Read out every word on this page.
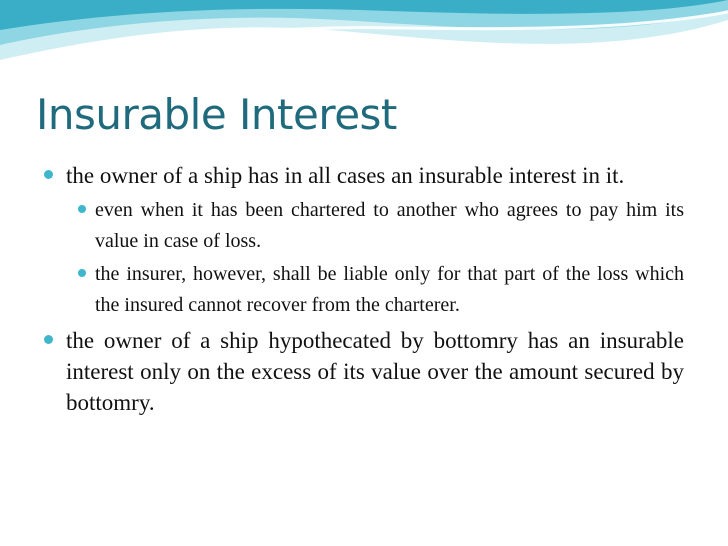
Insurable Interest
the owner of a ship has in all cases an insurable interest in it.
even when it has been chartered to another who agrees to pay him its value in case of loss.
the insurer, however, shall be liable only for that part of the loss which the insured cannot recover from the charterer.
the owner of a ship hypothecated by bottomry has an insurable interest only on the excess of its value over the amount secured by bottomry.
